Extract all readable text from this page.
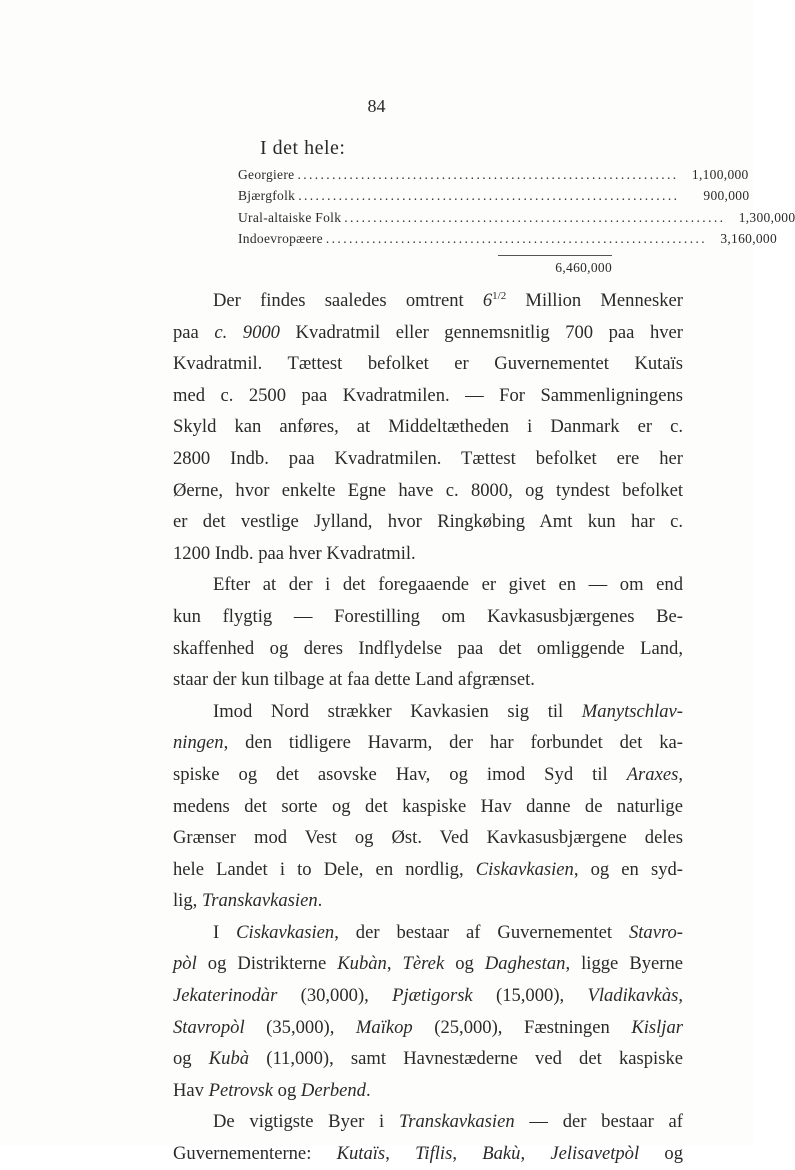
84
I det hele:
Georgiere .................................................................. 1,100,000
Bjærgfolk ..................................................................	900,000
Ural-altaiske Folk .................................................................. 1,300,000
Indoevropæere .................................................................. 3,160,000
6,460,000
Der findes saaledes omtrent $6^{1/2}$ Million Mennesker
paa c. 9000 Kvadratmil eller gennemsnitlig 700 paa hver
Kvadratmil. Tættest befolket er Guvernementet Kutaïs
med c. 2500 paa Kvadratmilen. — For Sammenligningens
Skyld kan anføres, at Middeltætheden i Danmark er c.
2800 Indb. paa Kvadratmilen. Tættest befolket ere her
Øerne, hvor enkelte Egne have c. 8000, og tyndest befolket
er det vestlige Jylland, hvor Ringkøbing Amt kun har c.
1200 Indb. paa hver Kvadratmil.
Efter at der i det foregaaende er givet en — om end
kun flygtig — Forestilling om Kavkasusbjærgenes Be-
skaffenhed og deres Indflydelse paa det omliggende Land,
staar der kun tilbage at faa dette Land afgrænset.
Imod Nord strækker Kavkasien sig til Manytschlav-
ningen, den tidligere Havarm, der har forbundet det ka-
spiske og det asovske Hav, og imod Syd til Araxes,
medens det sorte og det kaspiske Hav danne de naturlige
Grænser mod Vest og Øst. Ved Kavkasusbjærgene deles
hele Landet i to Dele, en nordlig, Ciskavkasien, og en syd-
lig, Transkavkasien.
I Ciskavkasien, der bestaar af Guvernementet Stavro-
pòl og Distrikterne Kubàn, Tèrek og Daghestan, ligge Byerne
Jekaterinodàr (30,000), Pjætigorsk (15,000), Vladikavkàs,
Stavropòl (35,000), Maïkop (25,000), Fæstningen Kisljar
og Kubà (11,000), samt Havnestæderne ved det kaspiske
Hav Petrovsk og Derbend.
De vigtigste Byer i Transkavkasien — der bestaar af
Guvernementerne: Kutaïs, Tiflis, Bakù, Jelisavetpòl og
